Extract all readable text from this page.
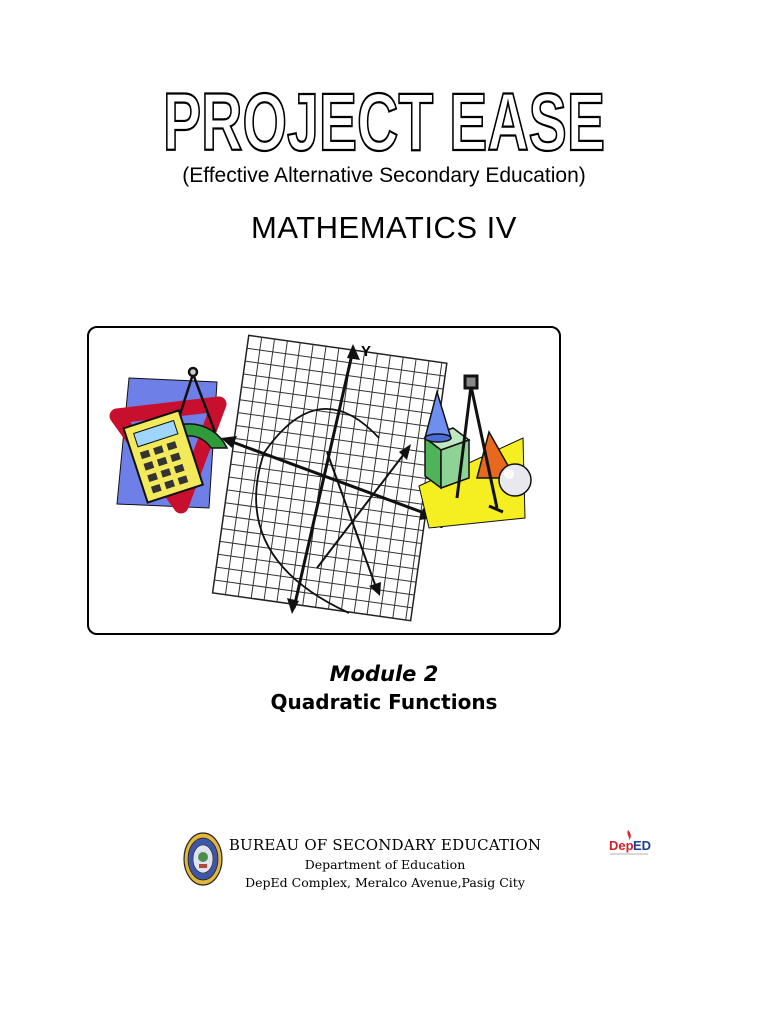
PROJECT EASE
(Effective Alternative Secondary Education)
MATHEMATICS IV
Y
Module 2
Quadratic Functions
BUREAU OF SECONDARY EDUCATION
Department of Education
DepEd Complex, Meralco Avenue,Pasig City
Dep ED
